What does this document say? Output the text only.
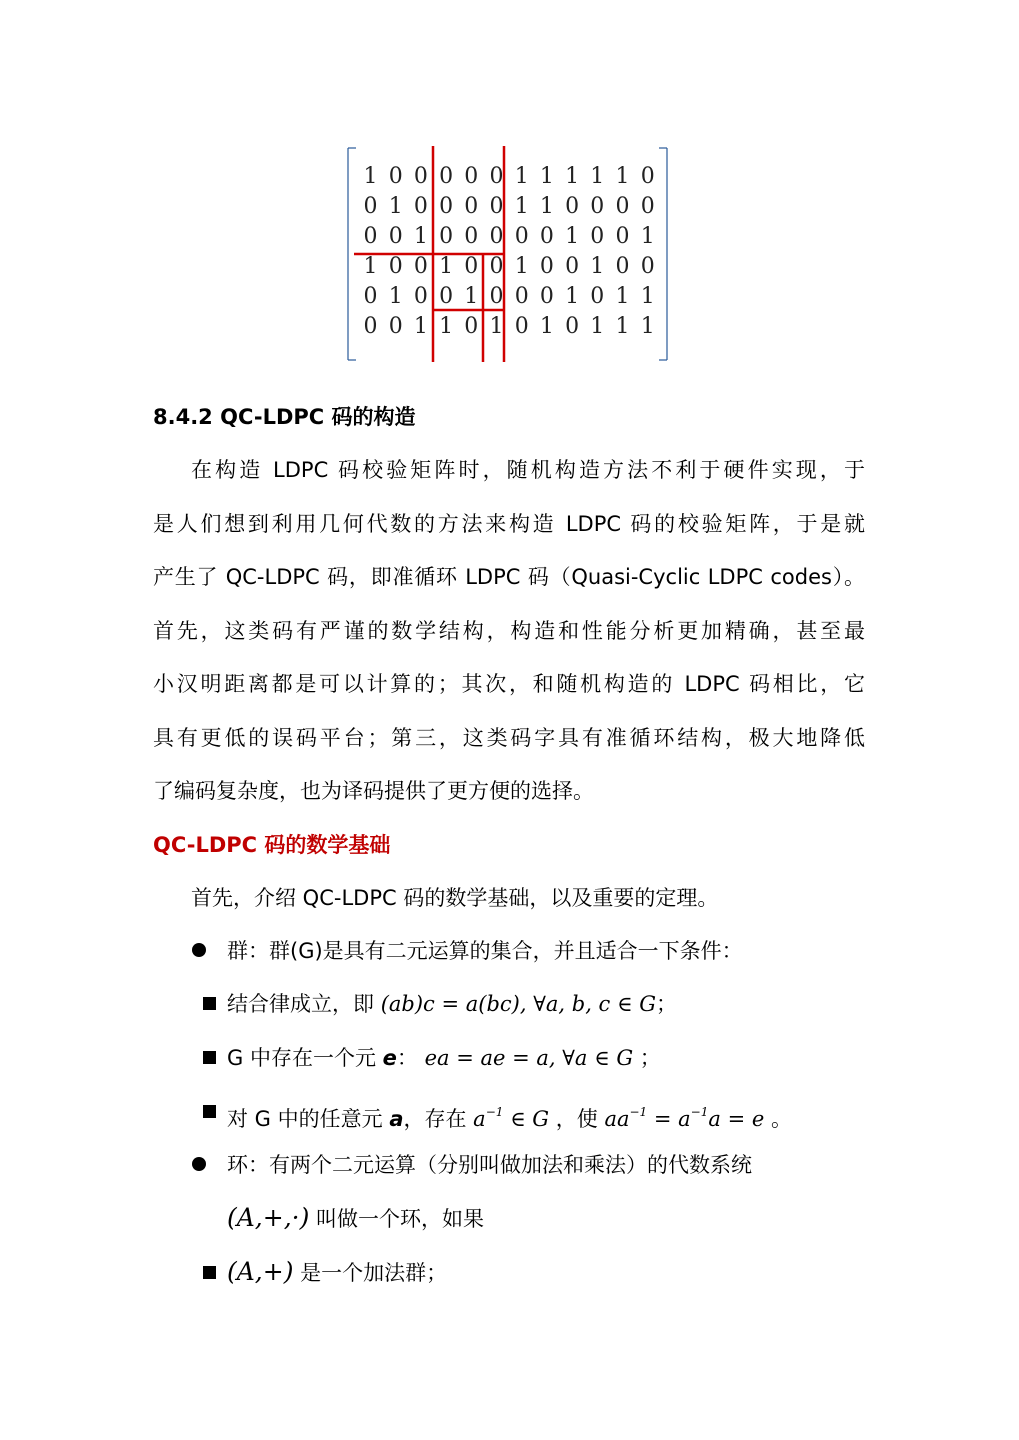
1 0 0 0 0 0 1 1 1 1 1 0
0 1 0 0 0 0 1 1 0 0 0 0
0 0 1 0 0 0 0 0 1 0 0 1
1 0 0 1 0 0 1 0 0 1 0 0
0 1 0 0 1 0 0 0 1 0 1 1
0 0 1 1 0 1 0 1 0 1 1 1
8.4.2 QC-LDPC 码的构造
在构造 LDPC 码校验矩阵时，随机构造方法不利于硬件实现，于
是人们想到利用几何代数的方法来构造 LDPC 码的校验矩阵，于是就
产生了 QC-LDPC 码，即准循环 LDPC 码（Quasi-Cyclic LDPC codes）。
首先，这类码有严谨的数学结构，构造和性能分析更加精确，甚至最
小汉明距离都是可以计算的；其次，和随机构造的 LDPC 码相比，它
具有更低的误码平台；第三，这类码字具有准循环结构，极大地降低
了编码复杂度，也为译码提供了更方便的选择。
QC-LDPC 码的数学基础
首先，介绍 QC-LDPC 码的数学基础，以及重要的定理。
群：群(G)是具有二元运算的集合，并且适合一下条件：
结合律成立，即 (ab)c = a(bc), ∀a, b, c ∈ G；
G 中存在一个元 e： ea = ae = a, ∀a ∈ G ；
对 G 中的任意元 a，存在 $a^{-1}$ ∈ G ，使 $aa^{-1} = a^{-1}a = e$ 。
环：有两个二元运算（分别叫做加法和乘法）的代数系统
(A,+,·) 叫做一个环，如果
(A,+) 是一个加法群；
